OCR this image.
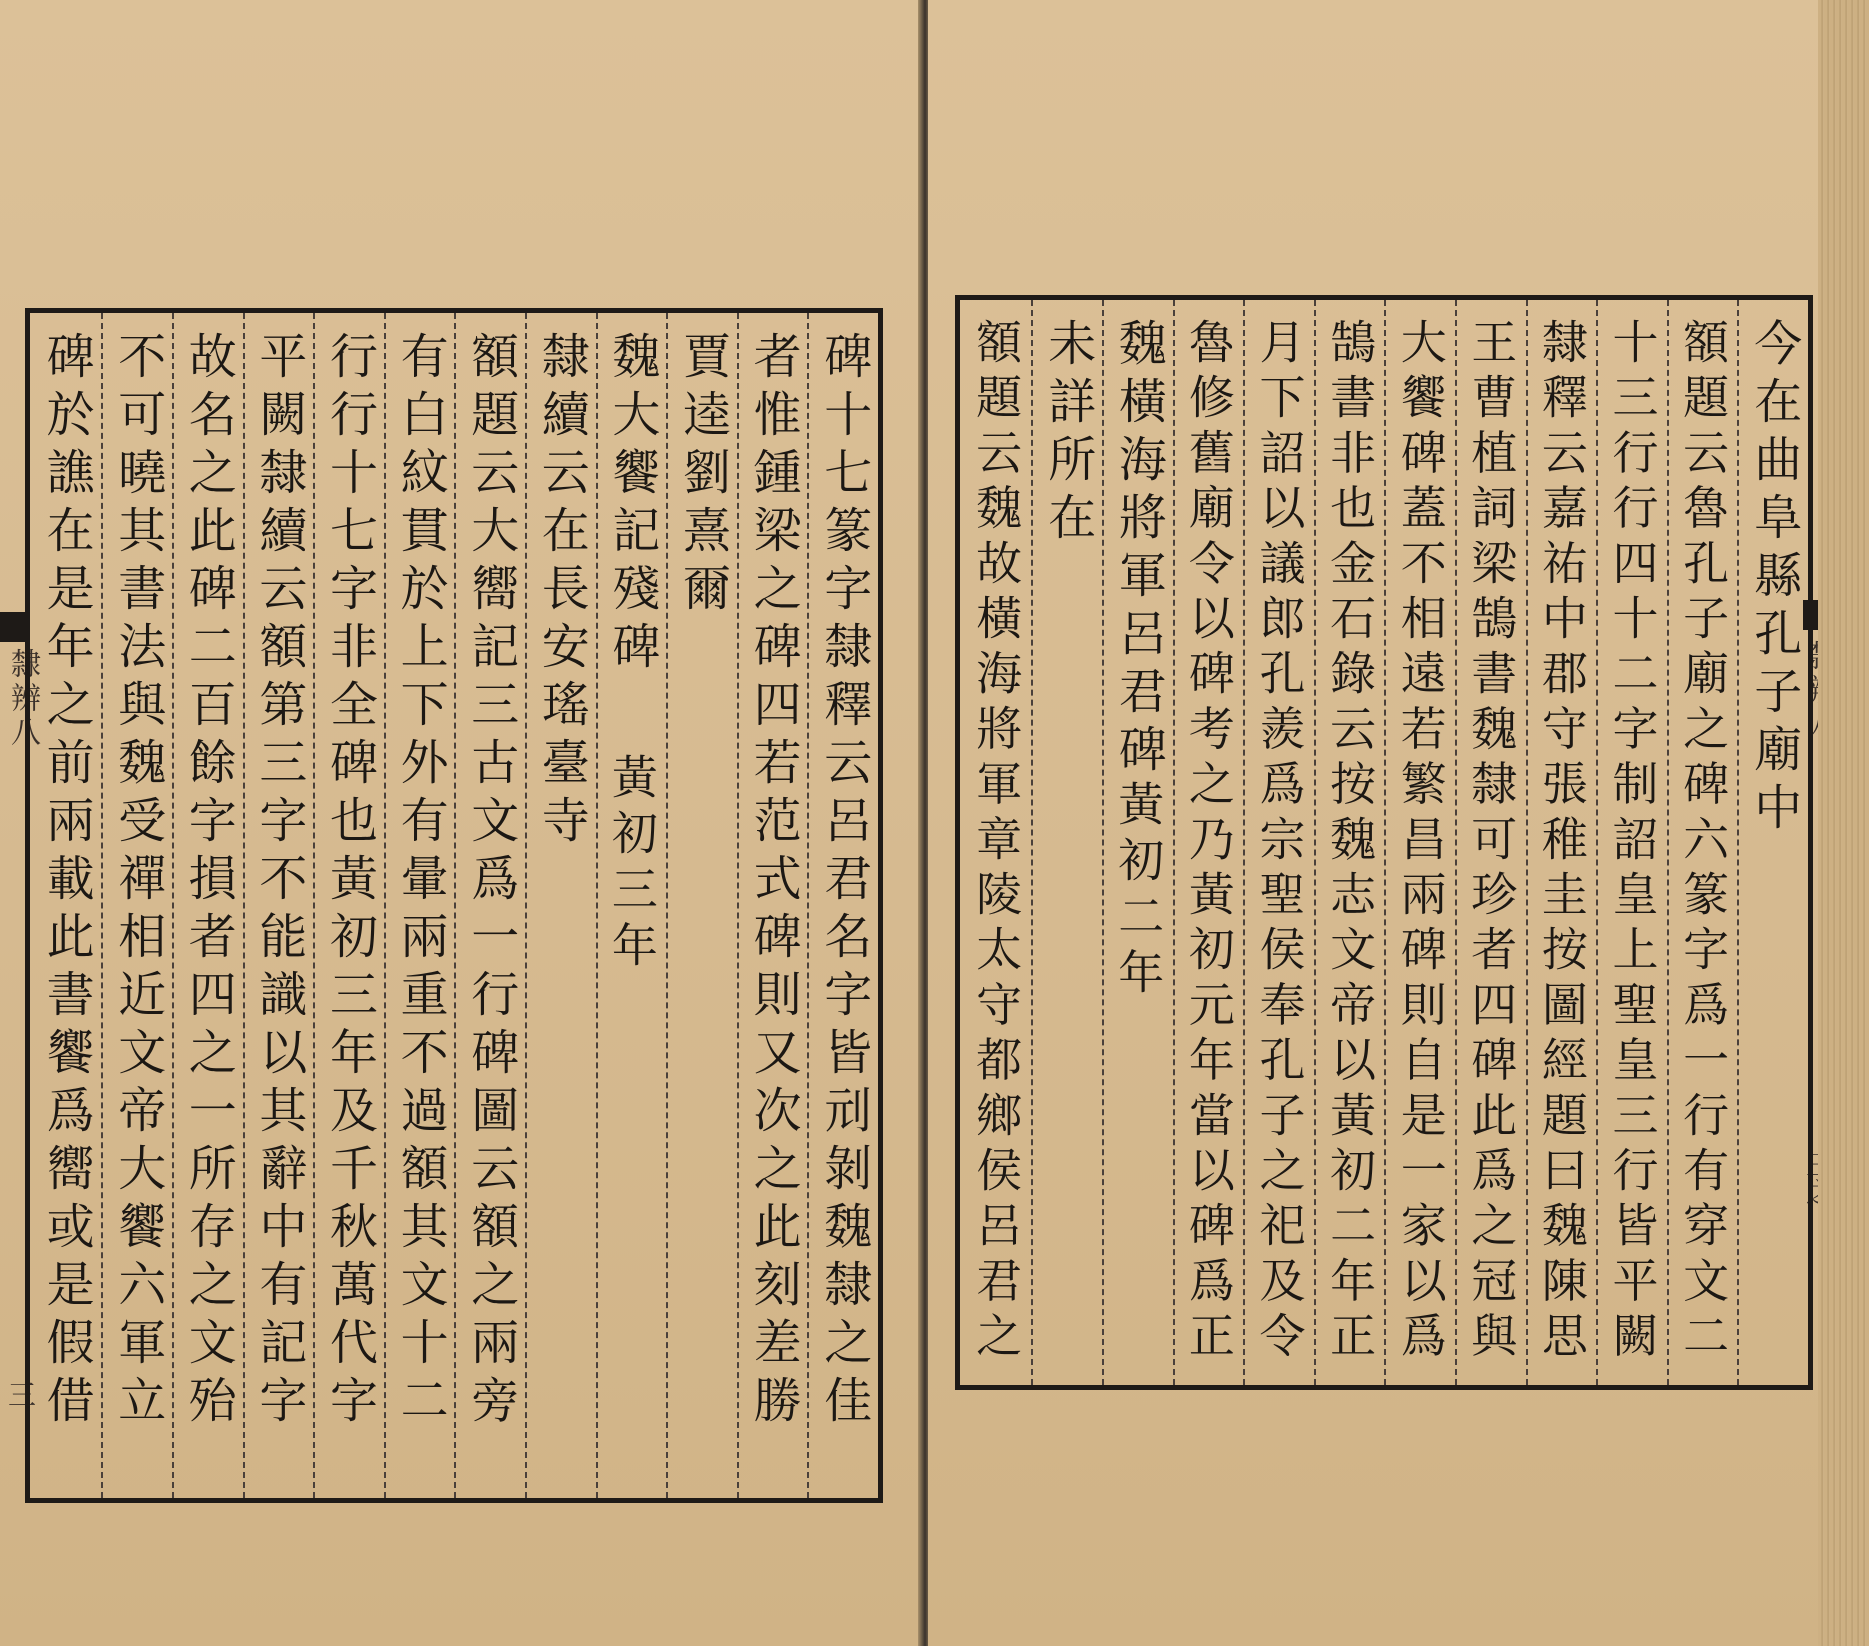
隸辨八
三	碑十七篆字隸釋云呂君名字皆刓剝魏隸之佳
者惟鍾梁之碑四若范式碑則又次之此刻差勝
賈逵劉熹爾
魏大饗記殘碑
黃初三年
隸續云在長安瑤臺寺
額題云大嚮記三古文爲一行碑圖云額之兩旁
有白紋貫於上下外有暈兩重不過額其文十二
行行十七字非全碑也黃初三年及千秋萬代字
平闕隸續云額第三字不能識以其辭中有記字
故名之此碑二百餘字損者四之一所存之文殆
不可曉其書法與魏受禪相近文帝大饗六軍立
碑於譙在是年之前兩載此書饗爲嚮或是假借	今在曲阜縣孔子廟中
額題云魯孔子廟之碑六篆字爲一行有穿文二
十三行行四十二字制詔皇上聖皇三行皆平闕
隸釋云嘉祐中郡守張稚圭按圖經題曰魏陳思
王曹植詞梁鵠書魏隸可珍者四碑此爲之冠與
大饗碑蓋不相遠若繁昌兩碑則自是一家以爲
鵠書非也金石錄云按魏志文帝以黃初二年正
月下詔以議郎孔羨爲宗聖侯奉孔子之祀及令
魯修舊廟令以碑考之乃黃初元年當以碑爲正
魏橫海將軍呂君碑
黃初二年
未詳所在
額題云魏故橫海將軍章陵太守都鄉侯呂君之
